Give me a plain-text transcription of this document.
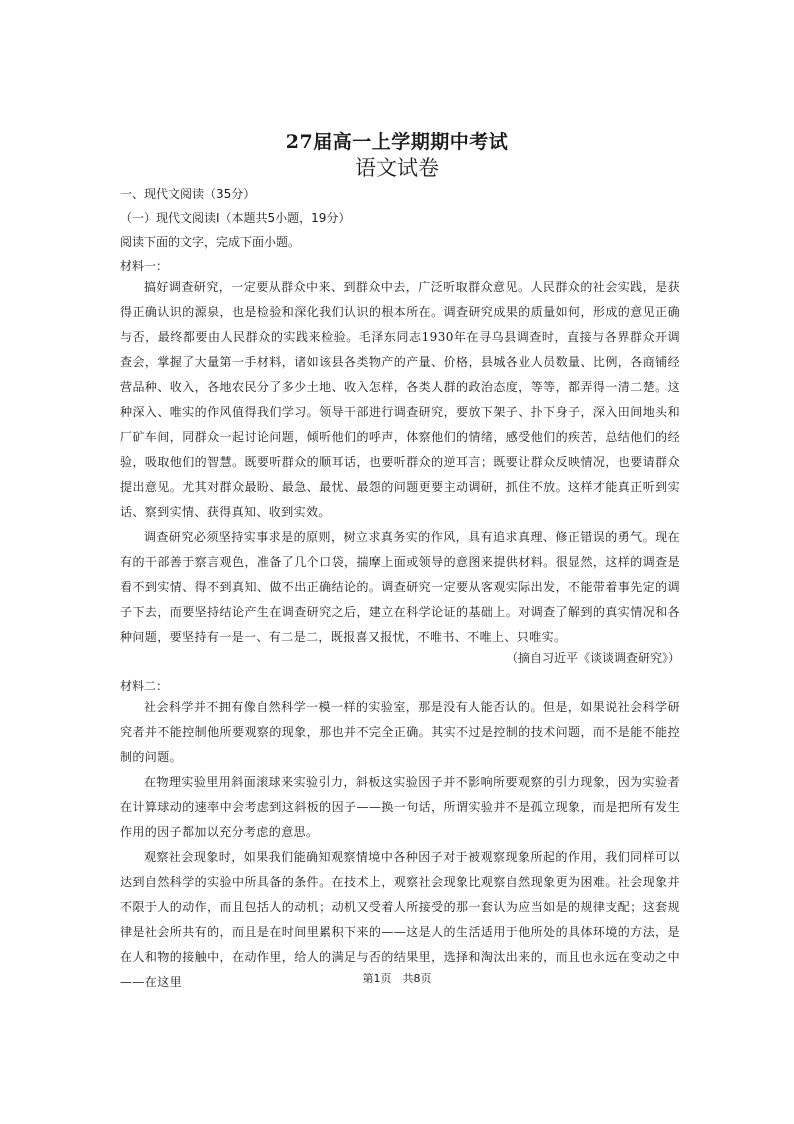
27届高一上学期期中考试
语文试卷
一、现代文阅读（35分）
（一）现代文阅读Ⅰ（本题共5小题，19分）
阅读下面的文字，完成下面小题。
材料一：

搞好调查研究，一定要从群众中来、到群众中去，广泛听取群众意见。人民群众的社会实践，是获得正确认识的源泉，也是检验和深化我们认识的根本所在。调查研究成果的质量如何，形成的意见正确与否，最终都要由人民群众的实践来检验。毛泽东同志1930年在寻乌县调查时，直接与各界群众开调查会，掌握了大量第一手材料，诸如该县各类物产的产量、价格，县城各业人员数量、比例，各商铺经营品种、收入，各地农民分了多少土地、收入怎样，各类人群的政治态度，等等，都弄得一清二楚。这种深入、唯实的作风值得我们学习。领导干部进行调查研究，要放下架子、扑下身子，深入田间地头和厂矿车间，同群众一起讨论问题，倾听他们的呼声，体察他们的情绪，感受他们的疾苦，总结他们的经验，吸取他们的智慧。既要听群众的顺耳话，也要听群众的逆耳言；既要让群众反映情况，也要请群众提出意见。尤其对群众最盼、最急、最忧、最怨的问题更要主动调研，抓住不放。这样才能真正听到实话、察到实情、获得真知、收到实效。

调查研究必须坚持实事求是的原则，树立求真务实的作风，具有追求真理、修正错误的勇气。现在有的干部善于察言观色，准备了几个口袋，揣摩上面或领导的意图来提供材料。很显然，这样的调查是看不到实情、得不到真知、做不出正确结论的。调查研究一定要从客观实际出发，不能带着事先定的调子下去，而要坚持结论产生在调查研究之后，建立在科学论证的基础上。对调查了解到的真实情况和各种问题，要坚持有一是一、有二是二，既报喜又报忧，不唯书、不唯上、只唯实。

（摘自习近平《谈谈调查研究》）
材料二：

社会科学并不拥有像自然科学一模一样的实验室，那是没有人能否认的。但是，如果说社会科学研究者并不能控制他所要观察的现象，那也并不完全正确。其实不过是控制的技术问题，而不是能不能控制的问题。

在物理实验里用斜面滚球来实验引力，斜板这实验因子并不影响所要观察的引力现象，因为实验者在计算球动的速率中会考虑到这斜板的因子——换一句话，所谓实验并不是孤立现象，而是把所有发生作用的因子都加以充分考虑的意思。

观察社会现象时，如果我们能确知观察情境中各种因子对于被观察现象所起的作用，我们同样可以达到自然科学的实验中所具备的条件。在技术上，观察社会现象比观察自然现象更为困难。社会现象并不限于人的动作，而且包括人的动机；动机又受着人所接受的那一套认为应当如是的规律支配；这套规律是社会所共有的，而且是在时间里累积下来的——这是人的生活适用于他所处的具体环境的方法，是在人和物的接触中，在动作里，给人的满足与否的结果里，选择和淘汰出来的，而且也永远在变动之中——在这里	第1页　共8页
